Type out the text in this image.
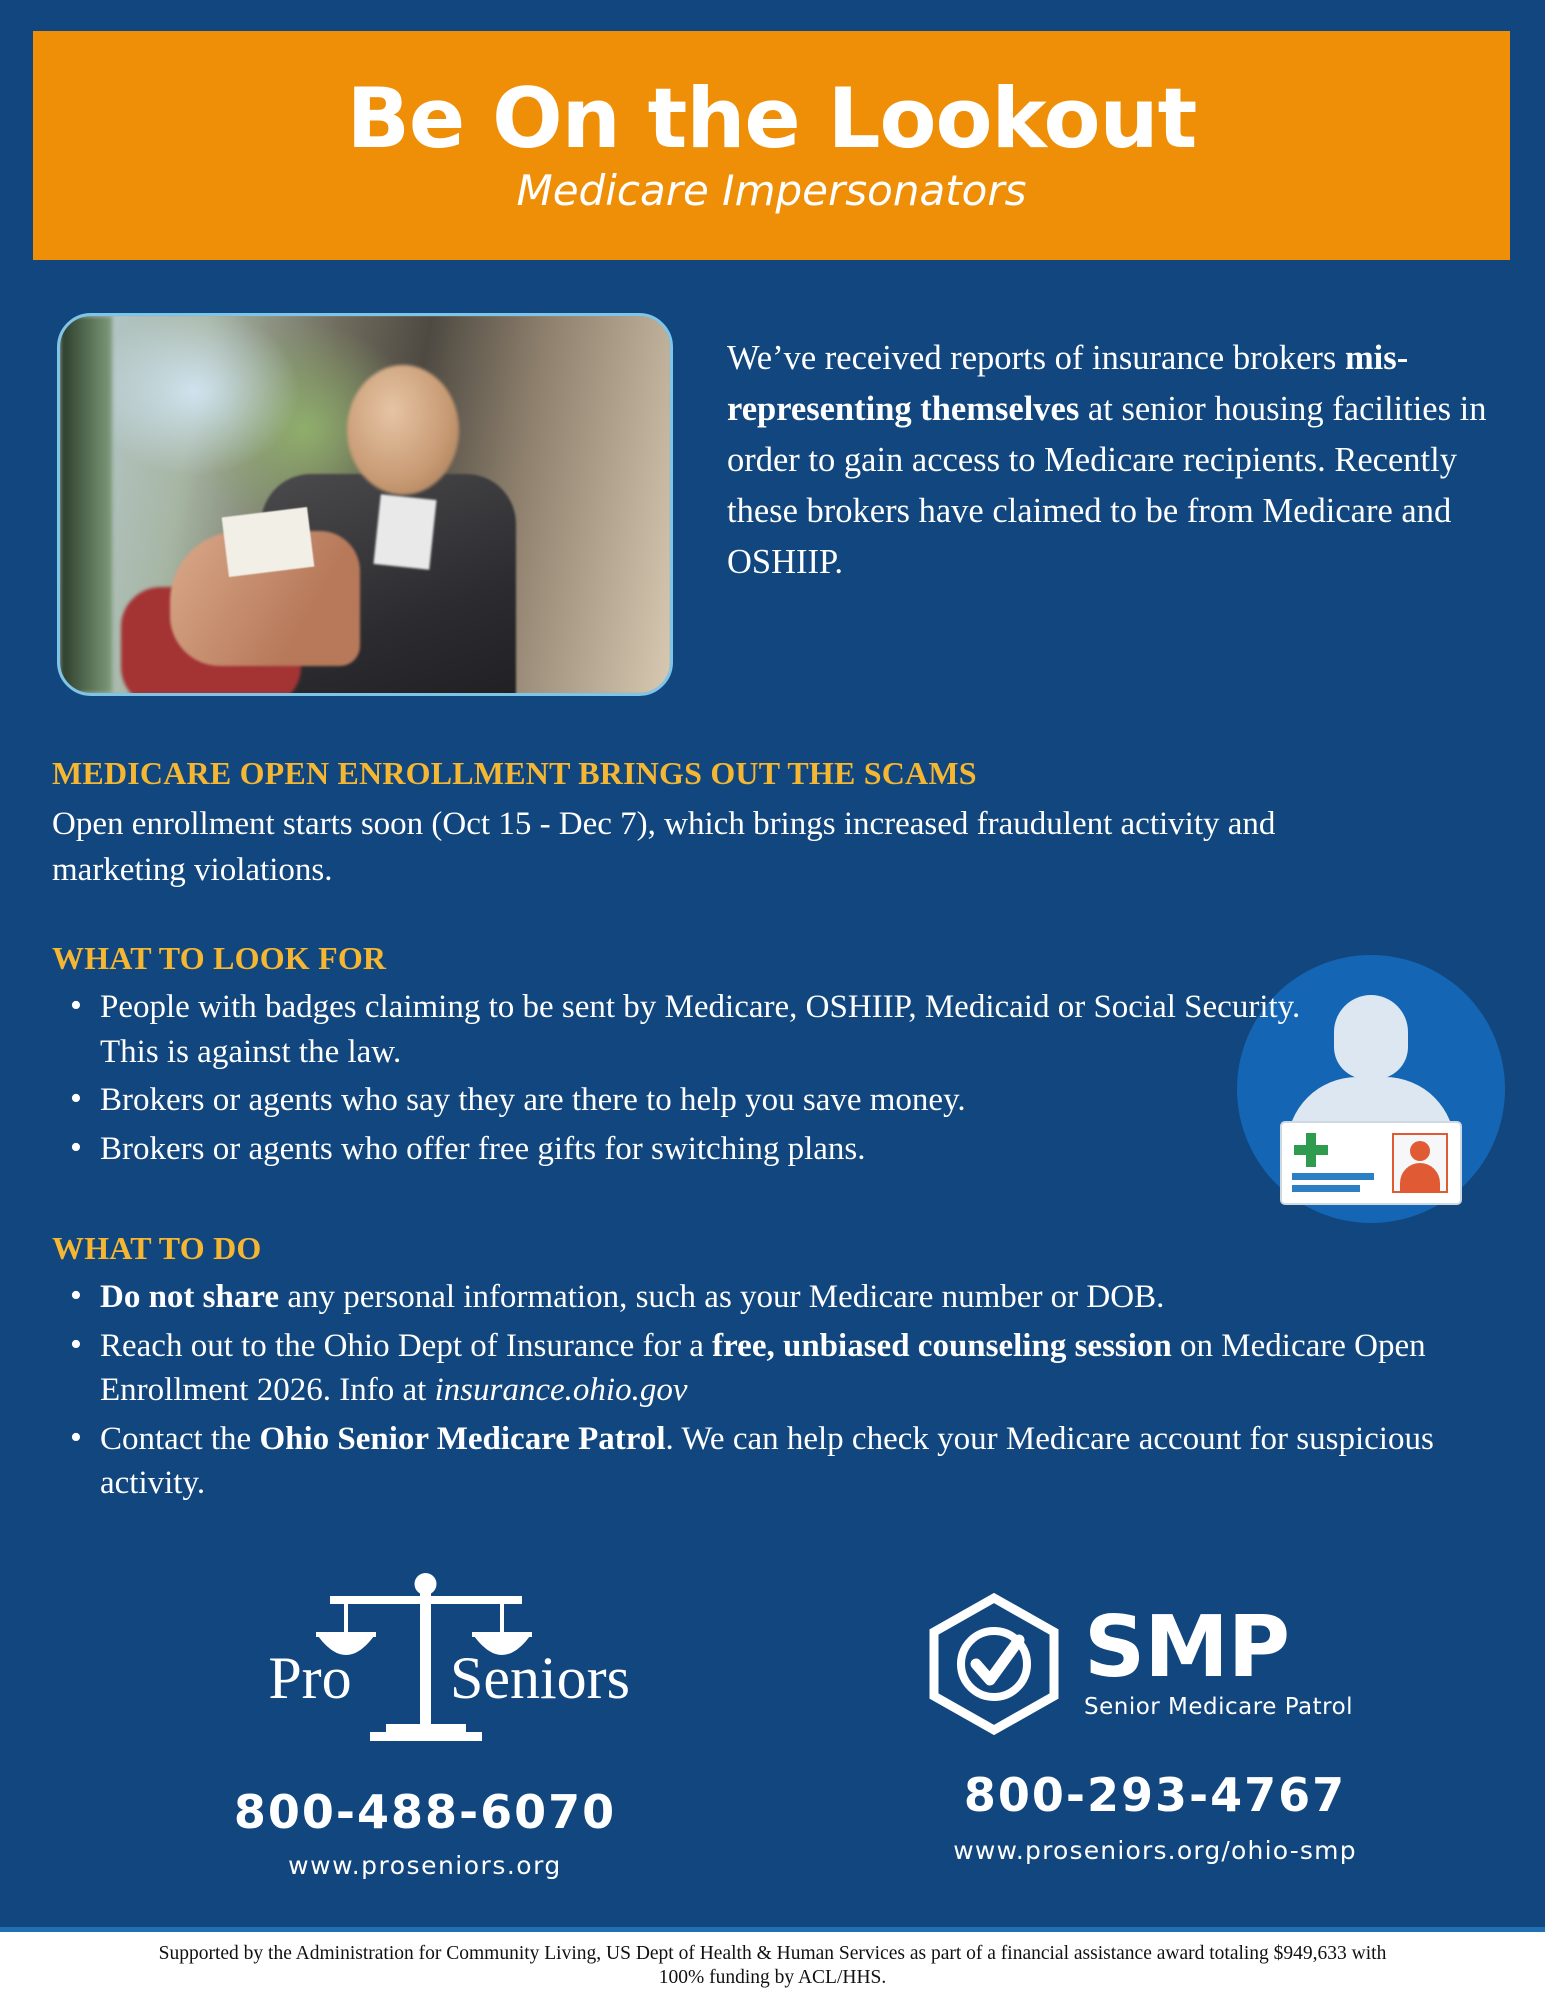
Be On the Lookout
Medicare Impersonators
We’ve received reports of insurance brokers mis-representing themselves at senior housing facilities in order to gain access to Medicare recipients. Recently these brokers have claimed to be from Medicare and OSHIIP.
MEDICARE OPEN ENROLLMENT BRINGS OUT THE SCAMS
Open enrollment starts soon (Oct 15 - Dec 7), which brings increased fraudulent activity and marketing violations.
WHAT TO LOOK FOR
• People with badges claiming to be sent by Medicare, OSHIIP, Medicaid or Social Security. This is against the law.
• Brokers or agents who say they are there to help you save money.
• Brokers or agents who offer free gifts for switching plans.
WHAT TO DO
• Do not share any personal information, such as your Medicare number or DOB.
• Reach out to the Ohio Dept of Insurance for a free, unbiased counseling session on Medicare Open Enrollment 2026. Info at insurance.ohio.gov
• Contact the Ohio Senior Medicare Patrol. We can help check your Medicare account for suspicious activity.
Pro Seniors
800-488-6070
www.proseniors.org
SMP
Senior Medicare Patrol
800-293-4767
www.proseniors.org/ohio-smp
Supported by the Administration for Community Living, US Dept of Health & Human Services as part of a financial assistance award totaling $949,633 with
100% funding by ACL/HHS.
